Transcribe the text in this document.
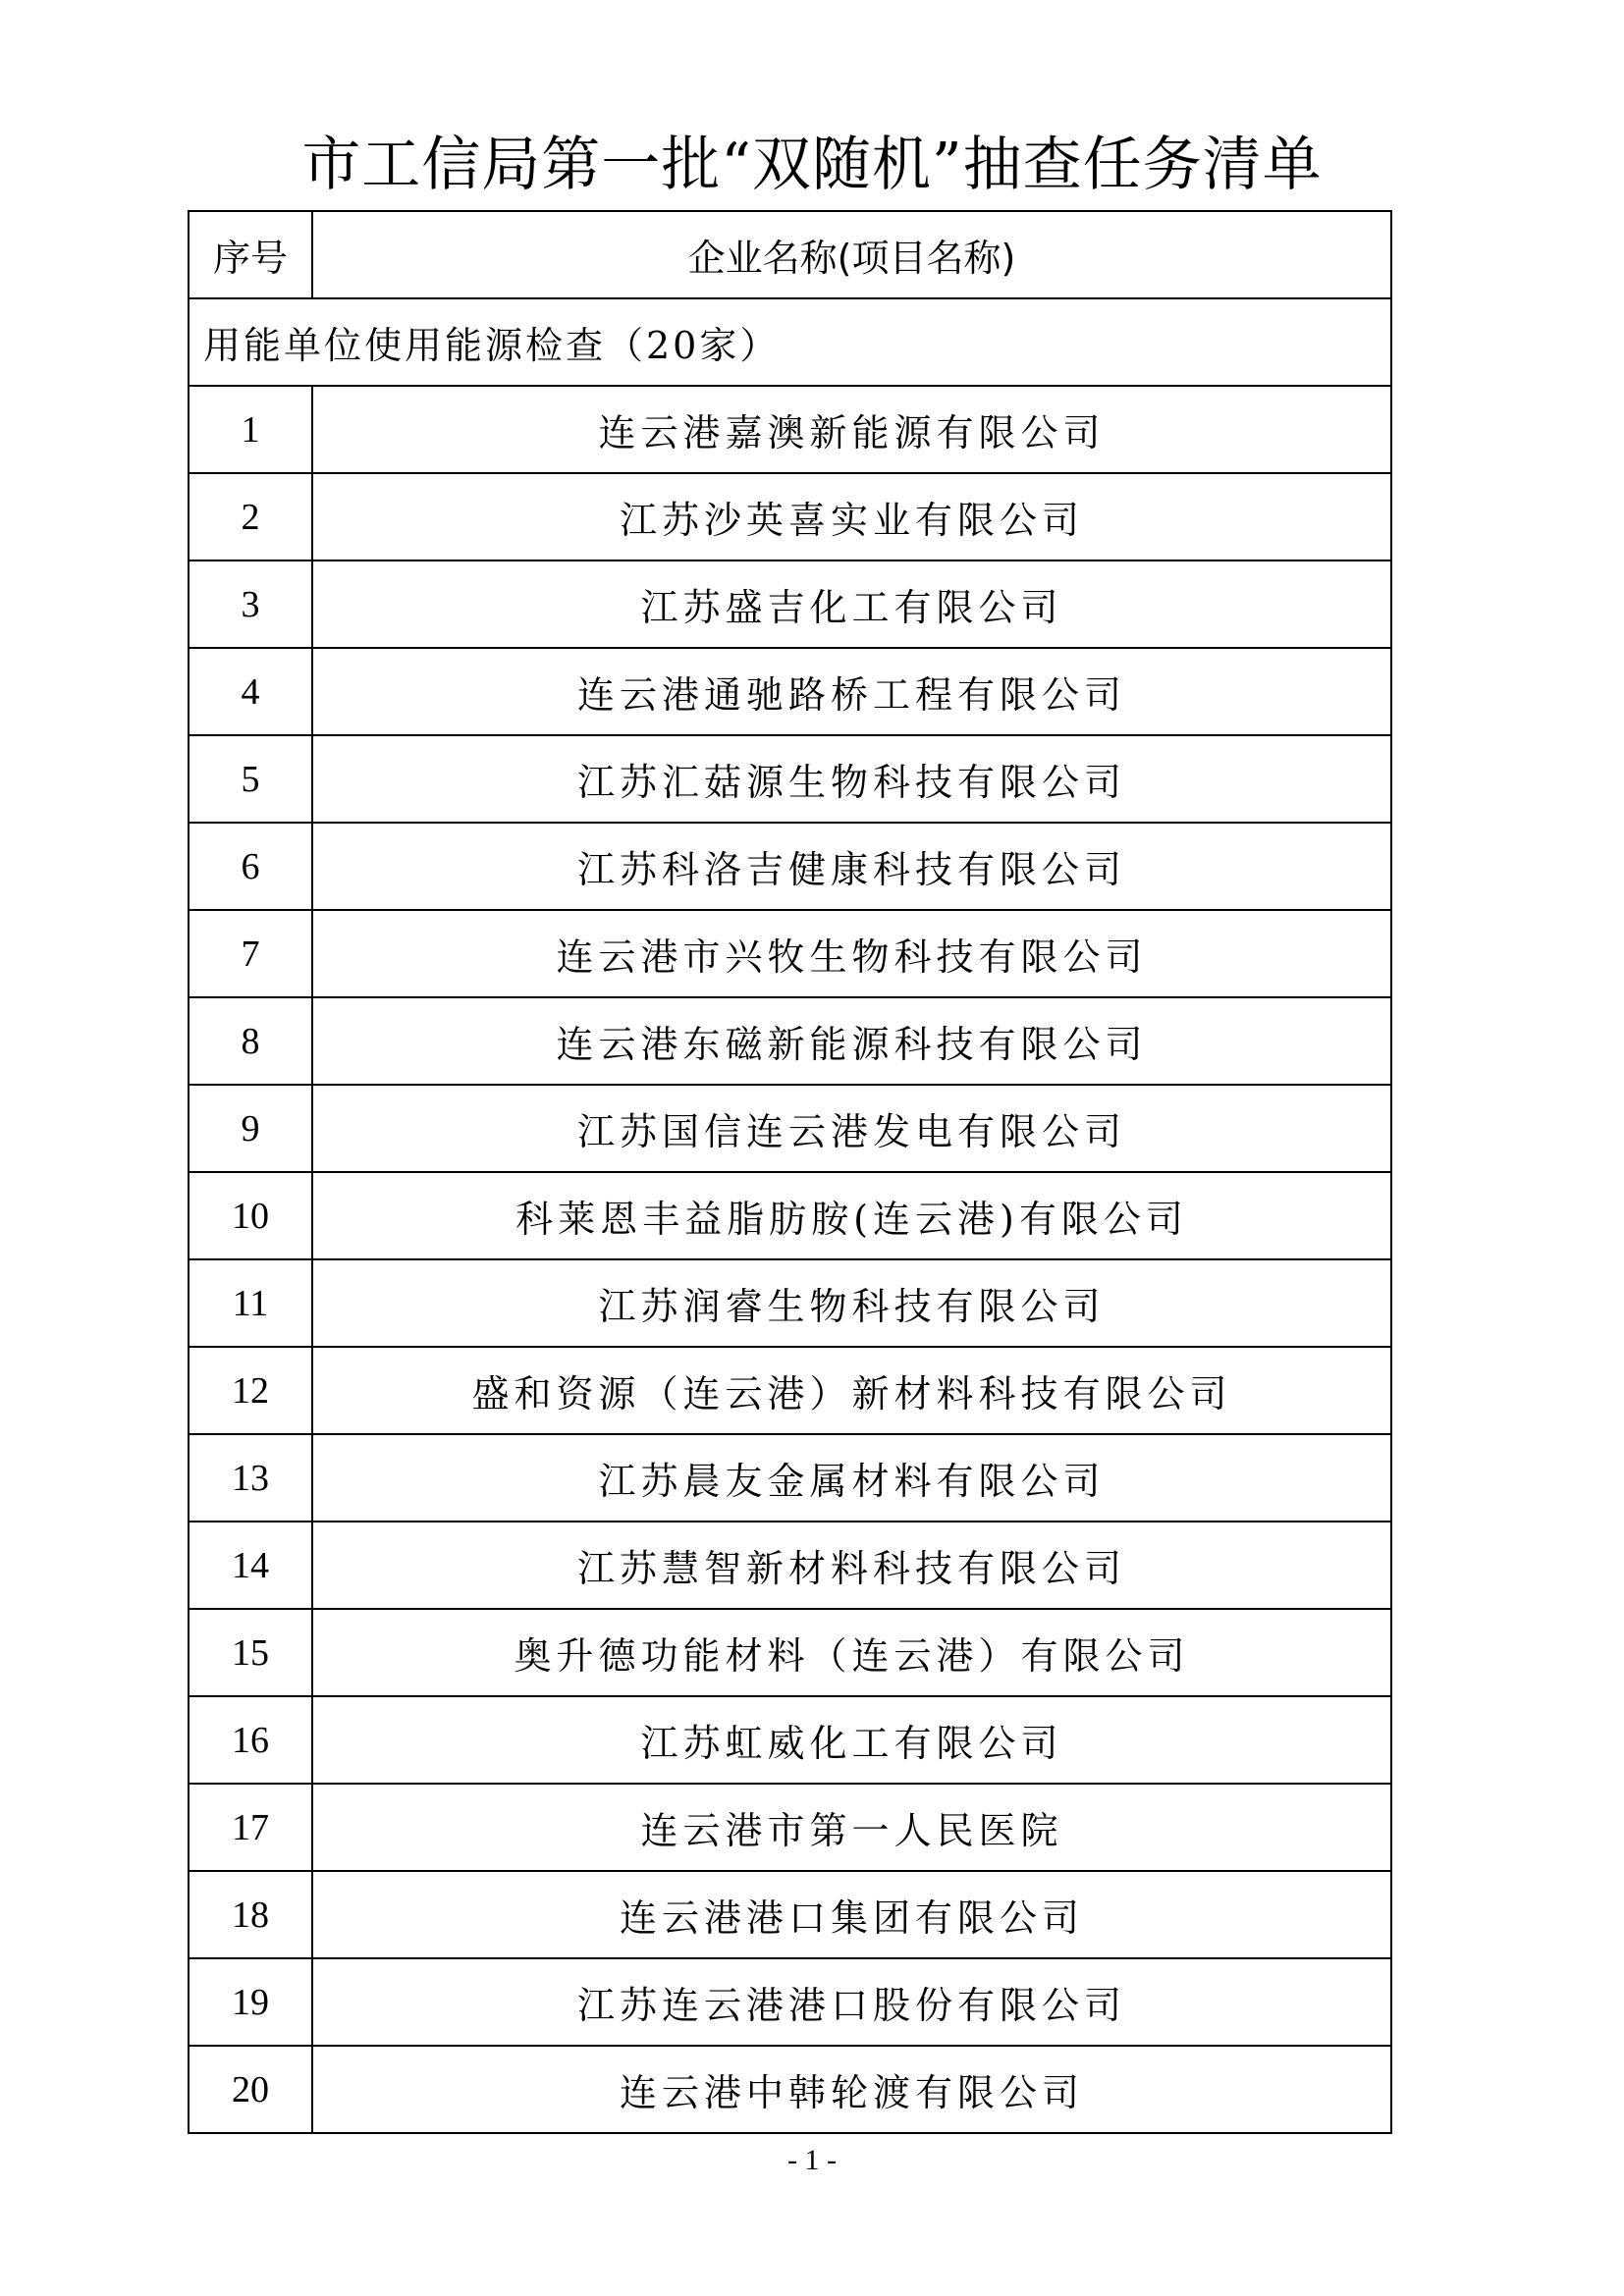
市工信局第一批“双随机”抽查任务清单
序号	企业名称(项目名称)
用能单位使用能源检查（20家）	
1	连云港嘉澳新能源有限公司
2	江苏沙英喜实业有限公司
3	江苏盛吉化工有限公司
4	连云港通驰路桥工程有限公司
5	江苏汇菇源生物科技有限公司
6	江苏科洛吉健康科技有限公司
7	连云港市兴牧生物科技有限公司
8	连云港东磁新能源科技有限公司
9	江苏国信连云港发电有限公司
10	科莱恩丰益脂肪胺(连云港)有限公司
11	江苏润睿生物科技有限公司
12	盛和资源（连云港）新材料科技有限公司
13	江苏晨友金属材料有限公司
14	江苏慧智新材料科技有限公司
15	奥升德功能材料（连云港）有限公司
16	江苏虹威化工有限公司
17	连云港市第一人民医院
18	连云港港口集团有限公司
19	江苏连云港港口股份有限公司
20	连云港中韩轮渡有限公司
- 1 -
